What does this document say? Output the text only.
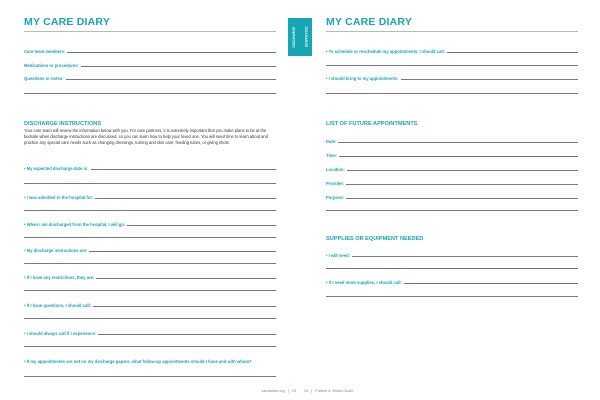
MY CARE DIARY
Care team members:
Medications or procedures:
Questions or notes:
DISCHARGE INSTRUCTIONS
Your care team will review the information below with you. For care partners, it is extremely important that you make plans to be at the bedside when discharge instructions are discussed, so you can learn how to help your loved one. You will need time to learn about and practice any special care needs such as changing dressings, turning and skin care, feeding tubes, or giving shots.
• My expected discharge date is:
• I was admitted to the hospital for:
• When I am discharged from the hospital, I will go:
• My discharge instructions are:
• If I have any restrictions, they are:
• If I have questions, I should call:
• I should always call if I experience:
• If my appointments are not on my discharge papers, what follow-up appointments should I have and with whom?
DISCHARGE
MY CARE DIARY
• To schedule or reschedule my appointments, I should call:
• I should bring to my appointments:
LIST OF FUTURE APPOINTMENTS
Date:
Time:
Location:
Provider:
Purpose:
SUPPLIES OR EQUIPMENT NEEDED
• I will need:
• If I need more supplies, I should call:
DISCHARGE
samaritan.org | 25 26 | Patient & Visitor Guide
